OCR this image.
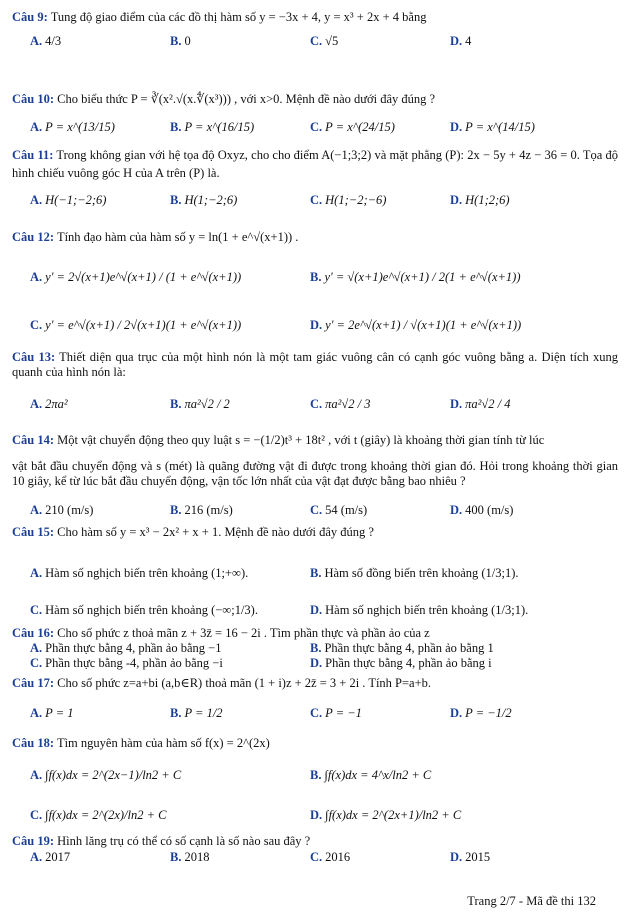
Câu 9: Tung độ giao điểm của các đồ thị hàm số y = −3x + 4, y = x³ + 2x + 4 bằng
A. 4/3	B. 0	C. √5	D. 4
Câu 10: Cho biểu thức P = ∛(x².√(x.∜(x³))) , với x>0. Mệnh đề nào dưới đây đúng ?
A. P = x^(13/15)	B. P = x^(16/15)	C. P = x^(24/15)	D. P = x^(14/15)
Câu 11: Trong không gian với hệ tọa độ Oxyz, cho cho điểm A(−1;3;2) và mặt phẳng (P): 2x − 5y + 4z − 36 = 0. Tọa độ hình chiếu vuông góc H của A trên (P) là.
A. H(−1;−2;6)	B. H(1;−2;6)	C. H(1;−2;−6)	D. H(1;2;6)
Câu 12: Tính đạo hàm của hàm số y = ln(1 + e^√(x+1)) .
A. y' = 2√(x+1)e^√(x+1) / (1 + e^√(x+1))	B. y' = √(x+1)e^√(x+1) / 2(1 + e^√(x+1))
C. y' = e^√(x+1) / 2√(x+1)(1 + e^√(x+1))	D. y' = 2e^√(x+1) / √(x+1)(1 + e^√(x+1))
Câu 13: Thiết diện qua trục của một hình nón là một tam giác vuông cân có cạnh góc vuông bằng a. Diện tích xung quanh của hình nón là:
A. 2πa²	B. πa²√2 / 2	C. πa²√2 / 3	D. πa²√2 / 4
Câu 14: Một vật chuyển động theo quy luật s = −(1/2)t³ + 18t² , với t (giây) là khoảng thời gian tính từ lúc
vật bắt đầu chuyển động và s (mét) là quãng đường vật đi được trong khoảng thời gian đó. Hỏi trong khoảng thời gian 10 giây, kể từ lúc bắt đầu chuyển động, vận tốc lớn nhất của vật đạt được bằng bao nhiêu ?
A. 210 (m/s)	B. 216 (m/s)	C. 54 (m/s)	D. 400 (m/s)
Câu 15: Cho hàm số y = x³ − 2x² + x + 1. Mệnh đề nào dưới đây đúng ?
A. Hàm số nghịch biến trên khoảng (1;+∞).	B. Hàm số đồng biến trên khoảng (1/3;1).
C. Hàm số nghịch biến trên khoảng (−∞;1/3).	D. Hàm số nghịch biến trên khoảng (1/3;1).
Câu 16: Cho số phức z thoả mãn z + 3z̄ = 16 − 2i . Tìm phần thực và phần ảo của z
A. Phần thực bằng 4, phần ảo bằng −1	B. Phần thực bằng 4, phần ảo bằng 1
C. Phần thực bằng -4, phần ảo bằng −i	D. Phần thực bằng 4, phần ảo bằng i
Câu 17: Cho số phức z=a+bi (a,b∈R) thoả mãn (1 + i)z + 2z̄ = 3 + 2i . Tính P=a+b.
A. P = 1	B. P = 1/2	C. P = −1	D. P = −1/2
Câu 18: Tìm nguyên hàm của hàm số f(x) = 2^(2x)
A. ∫f(x)dx = 2^(2x−1)/ln2 + C	B. ∫f(x)dx = 4^x/ln2 + C
C. ∫f(x)dx = 2^(2x)/ln2 + C	D. ∫f(x)dx = 2^(2x+1)/ln2 + C
Câu 19: Hình lăng trụ có thể có số cạnh là số nào sau đây ?
A. 2017	B. 2018	C. 2016	D. 2015
Trang 2/7 - Mã đề thi 132
